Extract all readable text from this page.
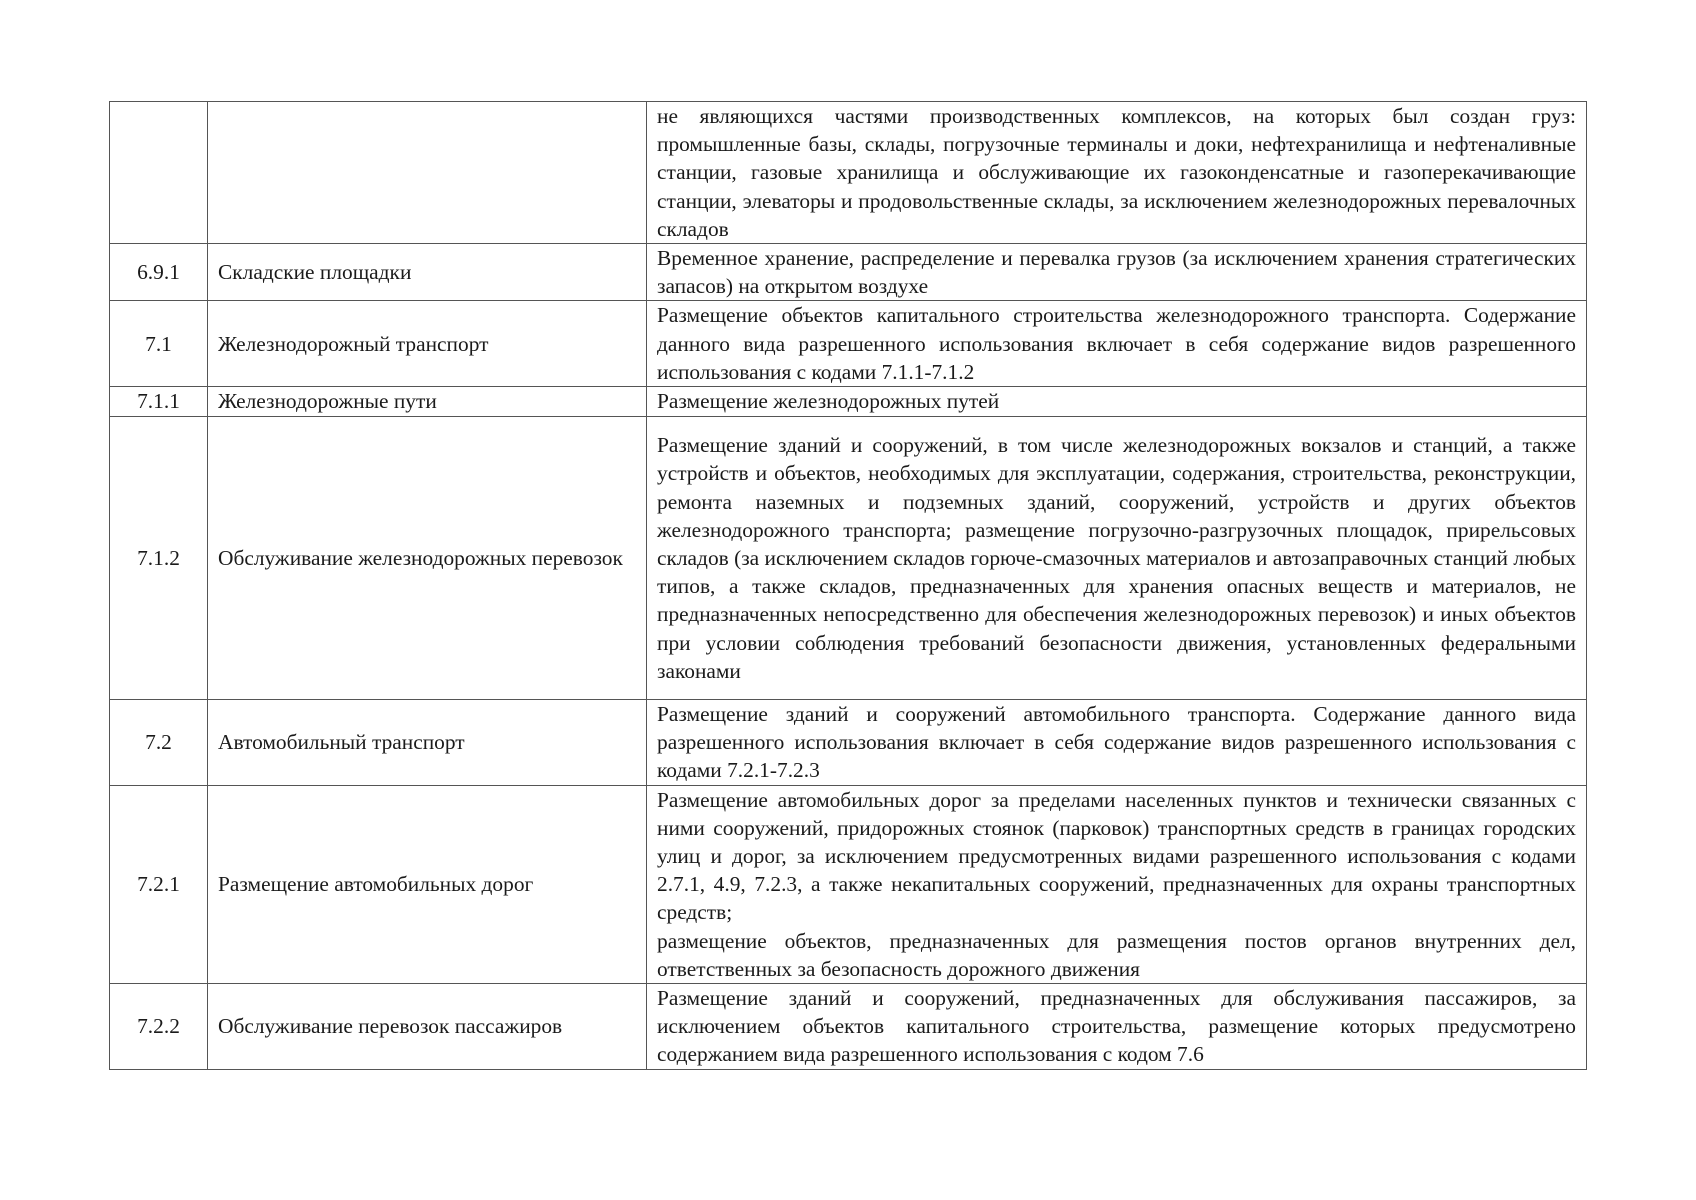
		не являющихся частями производственных комплексов, на которых был создан груз: промышленные базы, склады, погрузочные терминалы и доки, нефтехранилища и нефтеналивные станции, газовые хранилища и обслуживающие их газоконденсатные и газоперекачивающие станции, элеваторы и продовольственные склады, за исключением железнодорожных перевалочных складов

6.9.1	Складские площадки	Временное хранение, распределение и перевалка грузов (за исключением хранения стратегических запасов) на открытом воздухе

7.1	Железнодорожный транспорт	Размещение объектов капитального строительства железнодорожного транспорта. Содержание данного вида разрешенного использования включает в себя содержание видов разрешенного использования с кодами 7.1.1-7.1.2

7.1.1	Железнодорожные пути	Размещение железнодорожных путей

7.1.2	Обслуживание железнодорожных перевозок	Размещение зданий и сооружений, в том числе железнодорожных вокзалов и станций, а также устройств и объектов, необходимых для эксплуатации, содержания, строительства, реконструкции, ремонта наземных и подземных зданий, сооружений, устройств и других объектов железнодорожного транспорта; размещение погрузочно-разгрузочных площадок, прирельсовых складов (за исключением складов горюче-смазочных материалов и автозаправочных станций любых типов, а также складов, предназначенных для хранения опасных веществ и материалов, не предназначенных непосредственно для обеспечения железнодорожных перевозок) и иных объектов при условии соблюдения требований безопасности движения, установленных федеральными законами

7.2	Автомобильный транспорт	Размещение зданий и сооружений автомобильного транспорта. Содержание данного вида разрешенного использования включает в себя содержание видов разрешенного использования с кодами 7.2.1-7.2.3

7.2.1	Размещение автомобильных дорог	Размещение автомобильных дорог за пределами населенных пунктов и технически связанных с ними сооружений, придорожных стоянок (парковок) транспортных средств в границах городских улиц и дорог, за исключением предусмотренных видами разрешенного использования с кодами 2.7.1, 4.9, 7.2.3, а также некапитальных сооружений, предназначенных для охраны транспортных средств;
размещение объектов, предназначенных для размещения постов органов внутренних дел, ответственных за безопасность дорожного движения

7.2.2	Обслуживание перевозок пассажиров	Размещение зданий и сооружений, предназначенных для обслуживания пассажиров, за исключением объектов капитального строительства, размещение которых предусмотрено содержанием вида разрешенного использования с кодом 7.6
